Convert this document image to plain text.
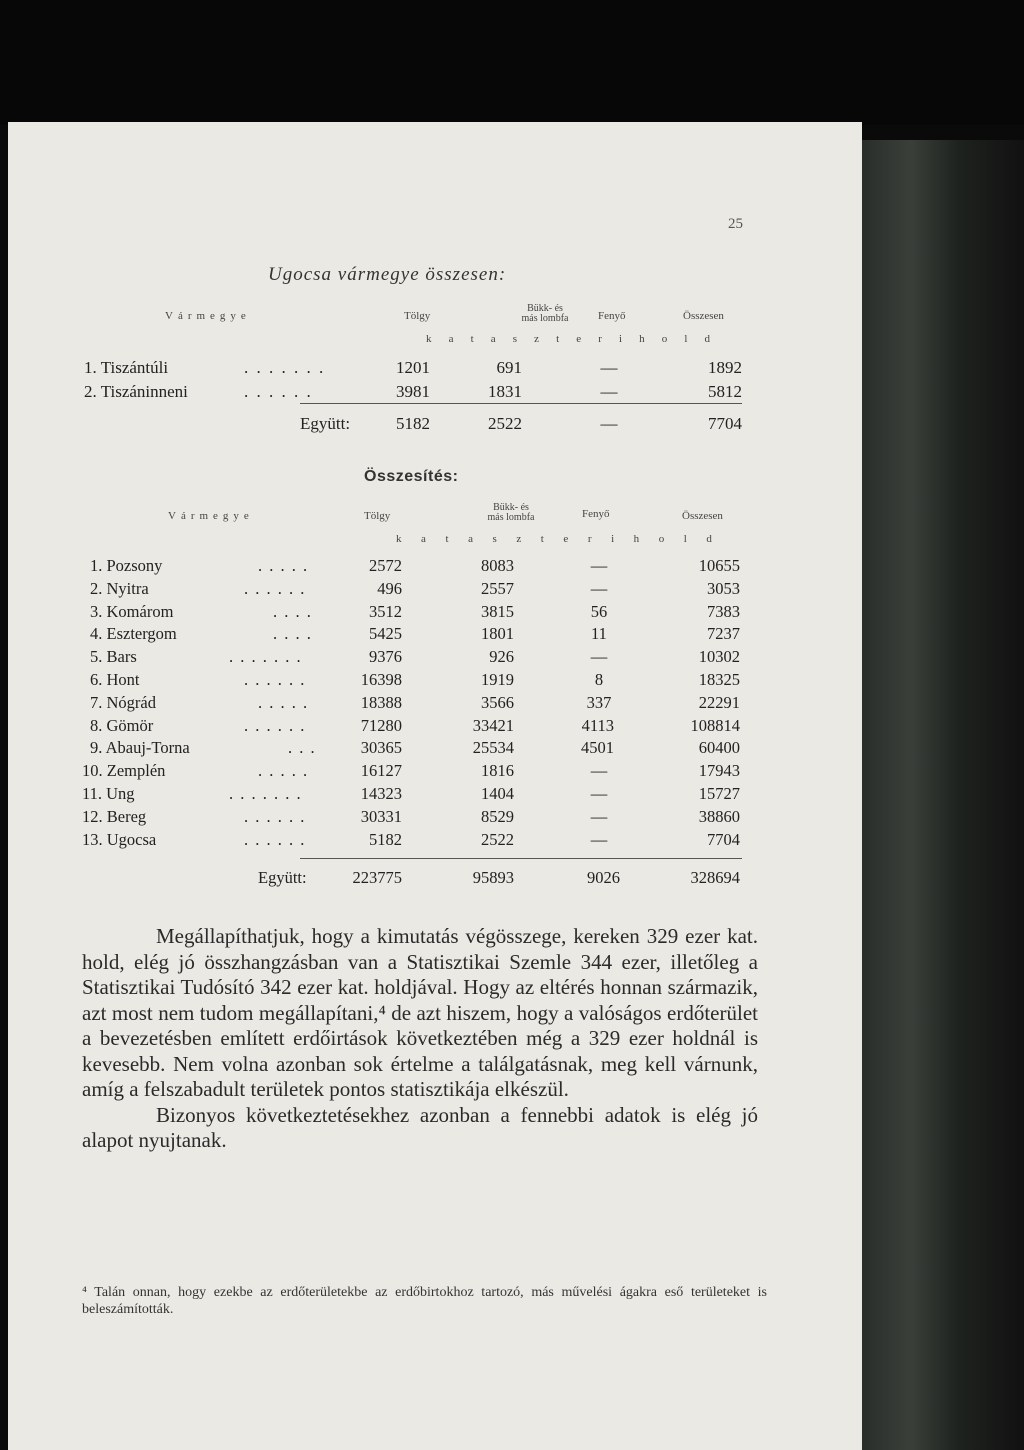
25
Ugocsa vármegye összesen:
Vármegye	Tölgy
Bükk- és
más lombfa	Fenyő	Összesen
k a t a s z t e r i h o l d
1. Tiszántúli	. . . . . . .	1201	691	—	1892
2. Tiszáninneni	. . . . . .	3981	1831	—	5812
Együtt:	5182	2522	—	7704
Összesítés:
Vármegye	Tölgy
Bükk- és
más lombfa	Fenyő	Összesen
k a t a s z t e r i h o l d
1. Pozsony	. . . . .	2572	8083	—	10655
2. Nyitra	. . . . . .	496	2557	—	3053
3. Komárom	. . . .	3512	3815	56	7383
4. Esztergom	. . . .	5425	1801	11	7237
5. Bars	. . . . . . .	9376	926	—	10302
6. Hont	. . . . . .	16398	1919	8	18325
7. Nógrád	. . . . .	18388	3566	337	22291
8. Gömör	. . . . . .	71280	33421	4113	108814
9. Abauj-Torna	. . .	30365	25534	4501	60400
10. Zemplén	. . . . .	16127	1816	—	17943
11. Ung	. . . . . . .	14323	1404	—	15727
12. Bereg	. . . . . .	30331	8529	—	38860
13. Ugocsa	. . . . . .	5182	2522	—	7704
Együtt:	223775	95893	9026	328694

Megállapíthatjuk, hogy a kimutatás végösszege, kereken 329 ezer kat. hold, elég jó összhangzásban van a Statisztikai Szemle 344 ezer, illetőleg a Statisztikai Tudósító 342 ezer kat. holdjával. Hogy az eltérés honnan származik, azt most nem tudom megállapítani,⁴ de azt hiszem, hogy a valóságos erdőterület a bevezetésben említett erdőirtások következtében még a 329 ezer holdnál is kevesebb. Nem volna azonban sok értelme a találgatásnak, meg kell várnunk, amíg a felszabadult területek pontos statisztikája elkészül.

Bizonyos következtetésekhez azonban a fennebbi adatok is elég jó alapot nyujtanak.

⁴ Talán onnan, hogy ezekbe az erdőterületekbe az erdőbirtokhoz tartozó, más művelési ágakra eső területeket is beleszámították.
